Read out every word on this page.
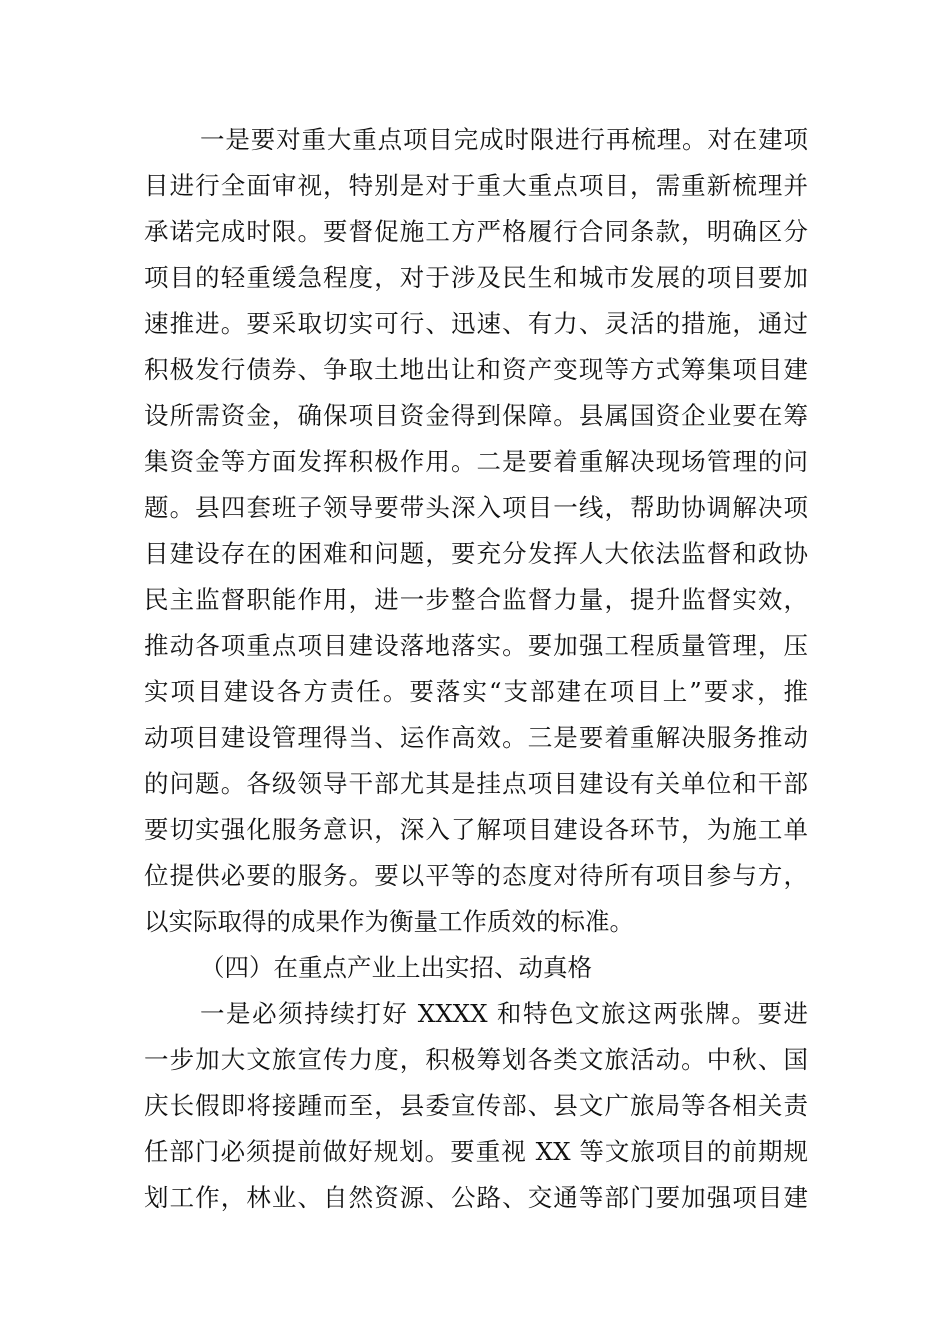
一是要对重大重点项目完成时限进行再梳理。对在建项
目进行全面审视，特别是对于重大重点项目，需重新梳理并
承诺完成时限。要督促施工方严格履行合同条款，明确区分
项目的轻重缓急程度，对于涉及民生和城市发展的项目要加
速推进。要采取切实可行、迅速、有力、灵活的措施，通过
积极发行债券、争取土地出让和资产变现等方式筹集项目建
设所需资金，确保项目资金得到保障。县属国资企业要在筹
集资金等方面发挥积极作用。二是要着重解决现场管理的问
题。县四套班子领导要带头深入项目一线，帮助协调解决项
目建设存在的困难和问题，要充分发挥人大依法监督和政协
民主监督职能作用，进一步整合监督力量，提升监督实效，
推动各项重点项目建设落地落实。要加强工程质量管理，压
实项目建设各方责任。要落实“支部建在项目上”要求，推
动项目建设管理得当、运作高效。三是要着重解决服务推动
的问题。各级领导干部尤其是挂点项目建设有关单位和干部
要切实强化服务意识，深入了解项目建设各环节，为施工单
位提供必要的服务。要以平等的态度对待所有项目参与方，
以实际取得的成果作为衡量工作质效的标准。
（四）在重点产业上出实招、动真格
一是必须持续打好 XXXX 和特色文旅这两张牌。要进
一步加大文旅宣传力度，积极筹划各类文旅活动。中秋、国
庆长假即将接踵而至，县委宣传部、县文广旅局等各相关责
任部门必须提前做好规划。要重视 XX 等文旅项目的前期规
划工作，林业、自然资源、公路、交通等部门要加强项目建
